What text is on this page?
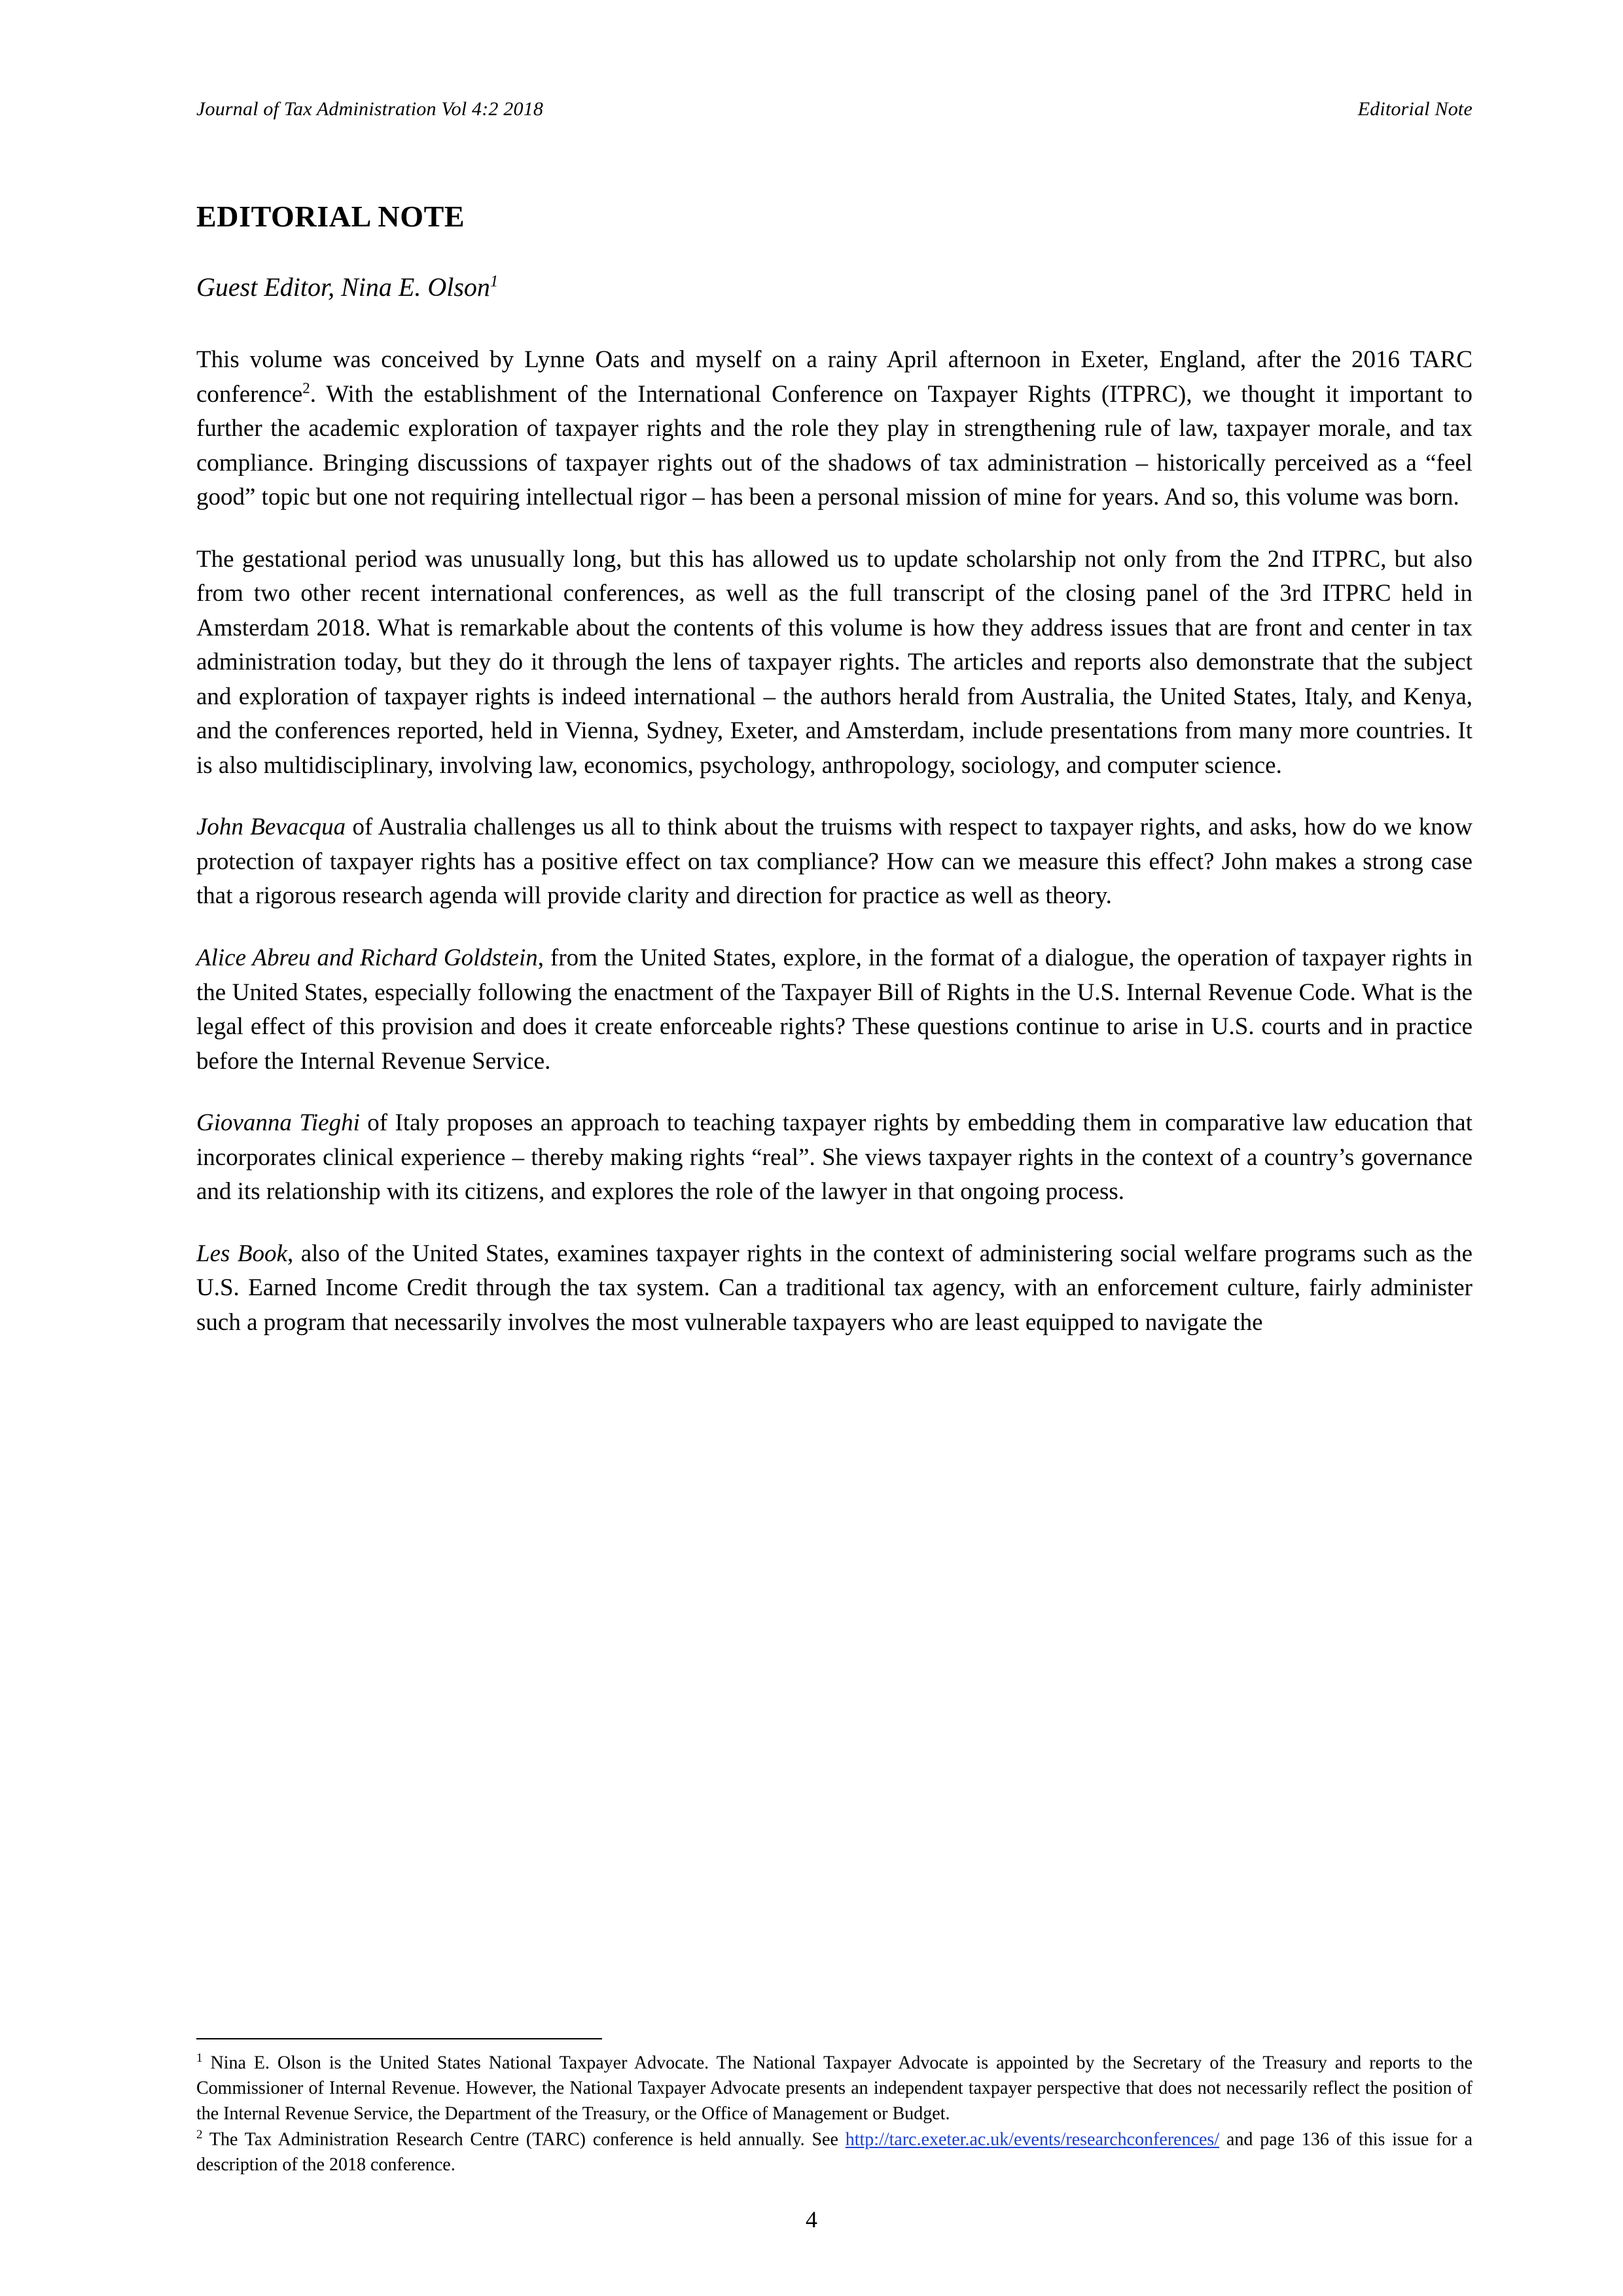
Journal of Tax Administration Vol 4:2 2018	Editorial Note
EDITORIAL NOTE

Guest Editor, Nina E. Olson$^1$

This volume was conceived by Lynne Oats and myself on a rainy April afternoon in Exeter, England, after the 2016 TARC conference$^2$. With the establishment of the International Conference on Taxpayer Rights (ITPRC), we thought it important to further the academic exploration of taxpayer rights and the role they play in strengthening rule of law, taxpayer morale, and tax compliance. Bringing discussions of taxpayer rights out of the shadows of tax administration – historically perceived as a “feel good” topic but one not requiring intellectual rigor – has been a personal mission of mine for years. And so, this volume was born.

The gestational period was unusually long, but this has allowed us to update scholarship not only from the 2nd ITPRC, but also from two other recent international conferences, as well as the full transcript of the closing panel of the 3rd ITPRC held in Amsterdam 2018. What is remarkable about the contents of this volume is how they address issues that are front and center in tax administration today, but they do it through the lens of taxpayer rights. The articles and reports also demonstrate that the subject and exploration of taxpayer rights is indeed international – the authors herald from Australia, the United States, Italy, and Kenya, and the conferences reported, held in Vienna, Sydney, Exeter, and Amsterdam, include presentations from many more countries. It is also multidisciplinary, involving law, economics, psychology, anthropology, sociology, and computer science.

John Bevacqua of Australia challenges us all to think about the truisms with respect to taxpayer rights, and asks, how do we know protection of taxpayer rights has a positive effect on tax compliance? How can we measure this effect? John makes a strong case that a rigorous research agenda will provide clarity and direction for practice as well as theory.

Alice Abreu and Richard Goldstein, from the United States, explore, in the format of a dialogue, the operation of taxpayer rights in the United States, especially following the enactment of the Taxpayer Bill of Rights in the U.S. Internal Revenue Code. What is the legal effect of this provision and does it create enforceable rights? These questions continue to arise in U.S. courts and in practice before the Internal Revenue Service.

Giovanna Tieghi of Italy proposes an approach to teaching taxpayer rights by embedding them in comparative law education that incorporates clinical experience – thereby making rights “real”. She views taxpayer rights in the context of a country’s governance and its relationship with its citizens, and explores the role of the lawyer in that ongoing process.

Les Book, also of the United States, examines taxpayer rights in the context of administering social welfare programs such as the U.S. Earned Income Credit through the tax system. Can a traditional tax agency, with an enforcement culture, fairly administer such a program that necessarily involves the most vulnerable taxpayers who are least equipped to navigate the

$^1$ Nina E. Olson is the United States National Taxpayer Advocate. The National Taxpayer Advocate is appointed by the Secretary of the Treasury and reports to the Commissioner of Internal Revenue. However, the National Taxpayer Advocate presents an independent taxpayer perspective that does not necessarily reflect the position of the Internal Revenue Service, the Department of the Treasury, or the Office of Management or Budget.

$^2$ The Tax Administration Research Centre (TARC) conference is held annually. See http://tarc.exeter.ac.uk/events/researchconferences/ and page 136 of this issue for a description of the 2018 conference.

4
